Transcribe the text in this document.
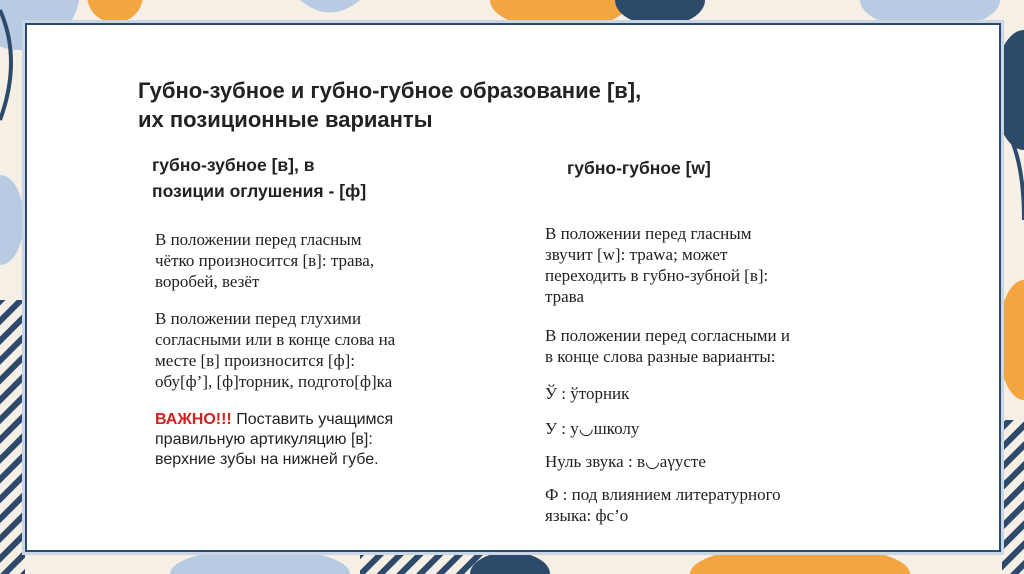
Губно-зубное и губно-губное образование [в],
их позиционные варианты
губно-зубное [в], в
позиции оглушения - [ф]
губно-губное [w]

В положении перед гласным
чётко произносится [в]: трава,
воробей, везёт

В положении перед глухими
согласными или в конце слова на
месте [в] произносится [ф]:
обу[ф’], [ф]торник, подгото[ф]ка

ВАЖНО!!! Поставить учащимся
правильную артикуляцию [в]:
верхние зубы на нижней губе.

В положении перед гласным
звучит [w]: траwa; может
переходить в губно-зубной [в]:
трава

В положении перед согласными и
в конце слова разные варианты:

Ў : ўторник

У : у◡школу

Нуль звука : в◡aγуcте

Ф : под влиянием литературного
языка: фс’о
